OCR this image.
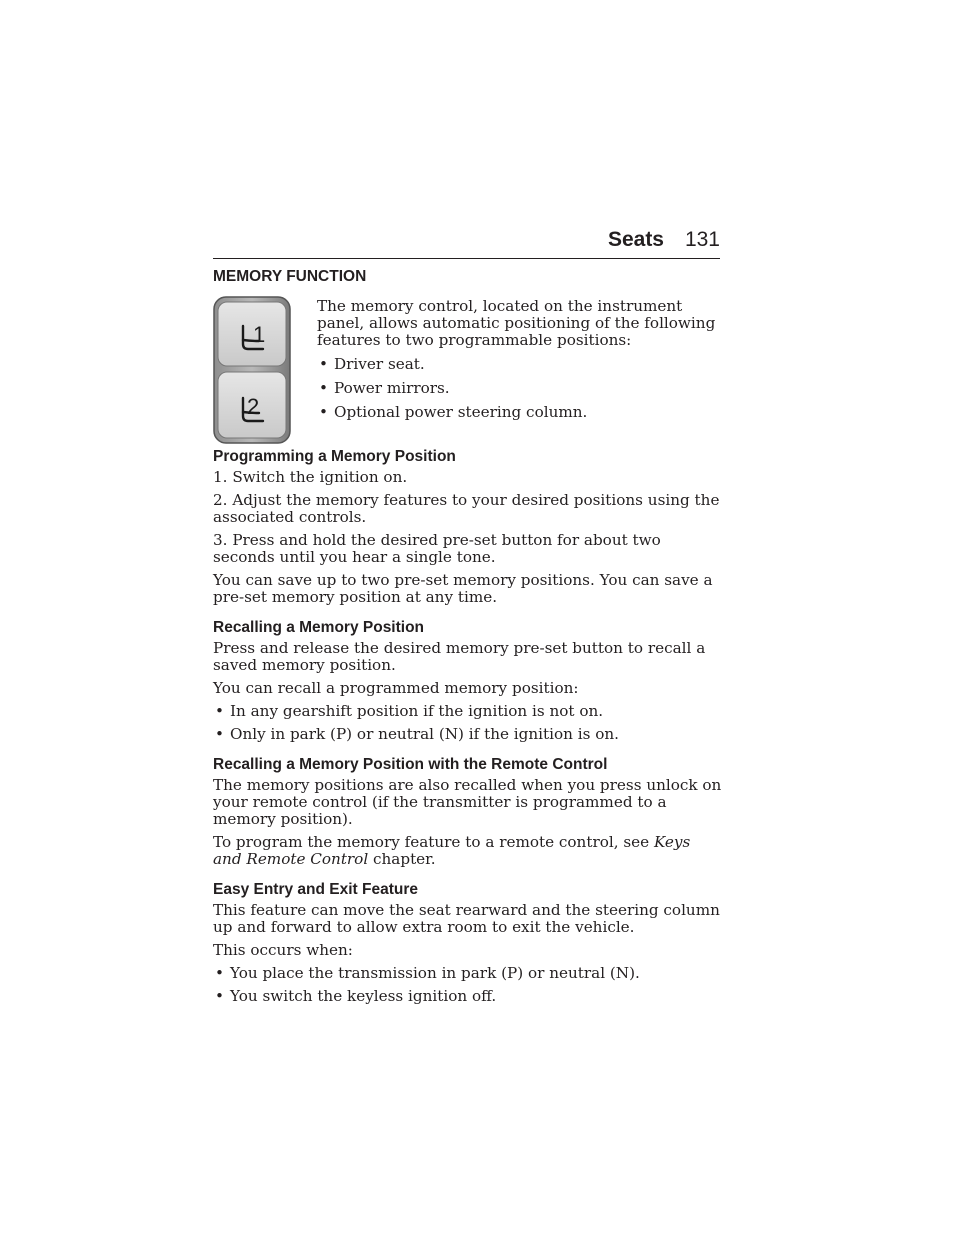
Seats 131
MEMORY FUNCTION
1
2

The memory control, located on the instrument panel, allows automatic positioning of the following features to two programmable positions:

• Driver seat.
• Power mirrors.
• Optional power steering column.
Programming a Memory Position

1. Switch the ignition on.

2. Adjust the memory features to your desired positions using the associated controls.

3. Press and hold the desired pre-set button for about two seconds until you hear a single tone.

You can save up to two pre-set memory positions. You can save a pre-set memory position at any time.

Recalling a Memory Position

Press and release the desired memory pre-set button to recall a saved memory position.

You can recall a programmed memory position:

• In any gearshift position if the ignition is not on.
• Only in park (P) or neutral (N) if the ignition is on.
Recalling a Memory Position with the Remote Control

The memory positions are also recalled when you press unlock on your remote control (if the transmitter is programmed to a memory position).

To program the memory feature to a remote control, see Keys and Remote Control chapter.

Easy Entry and Exit Feature

This feature can move the seat rearward and the steering column up and forward to allow extra room to exit the vehicle.

This occurs when:

• You place the transmission in park (P) or neutral (N).
• You switch the keyless ignition off.
